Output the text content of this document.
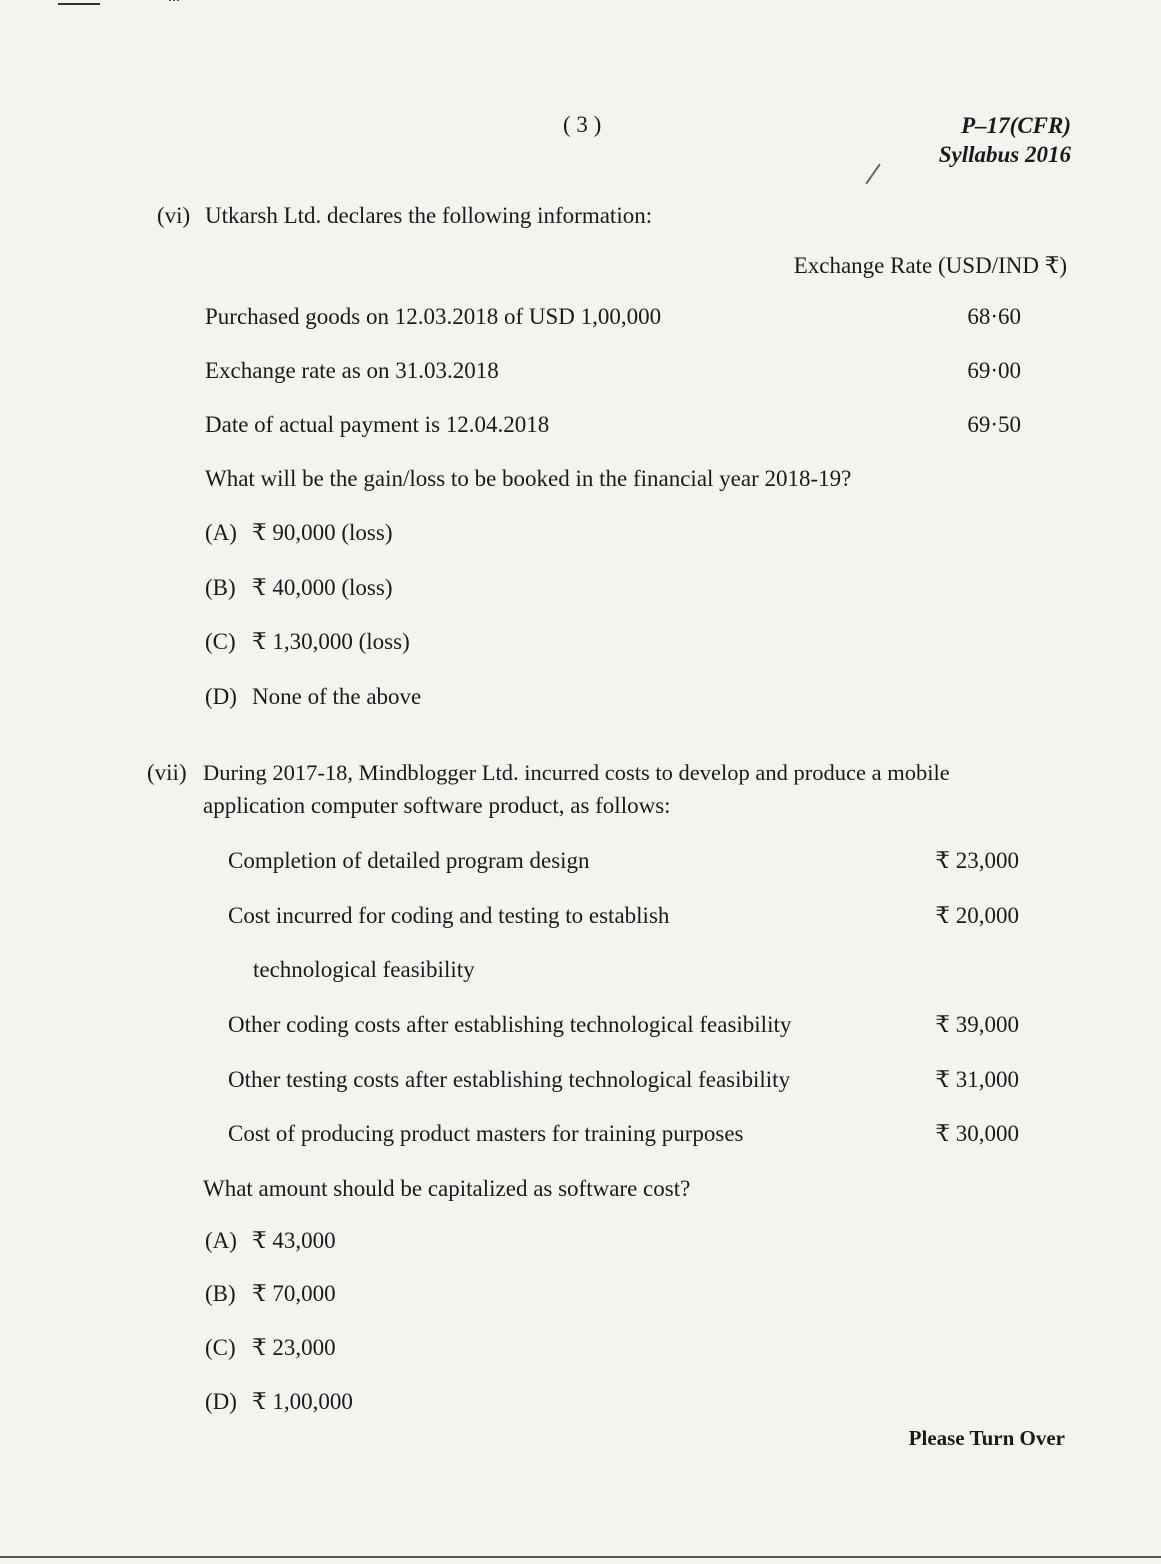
( 3 )	P–17(CFR)
Syllabus 2016
(vi) Utkarsh Ltd. declares the following information:
Exchange Rate (USD/IND ₹)
Purchased goods on 12.03.2018 of USD 1,00,000	68·60
Exchange rate as on 31.03.2018	69·00
Date of actual payment is 12.04.2018	69·50
What will be the gain/loss to be booked in the financial year 2018-19?
(A) ₹ 90,000 (loss)
(B) ₹ 40,000 (loss)
(C) ₹ 1,30,000 (loss)
(D) None of the above
(vii) During 2017-18, Mindblogger Ltd. incurred costs to develop and produce a mobile
application computer software product, as follows:
Completion of detailed program design	₹ 23,000
Cost incurred for coding and testing to establish	₹ 20,000
technological feasibility
Other coding costs after establishing technological feasibility	₹ 39,000
Other testing costs after establishing technological feasibility	₹ 31,000
Cost of producing product masters for training purposes	₹ 30,000
What amount should be capitalized as software cost?
(A) ₹ 43,000
(B) ₹ 70,000
(C) ₹ 23,000
(D) ₹ 1,00,000
Please Turn Over
